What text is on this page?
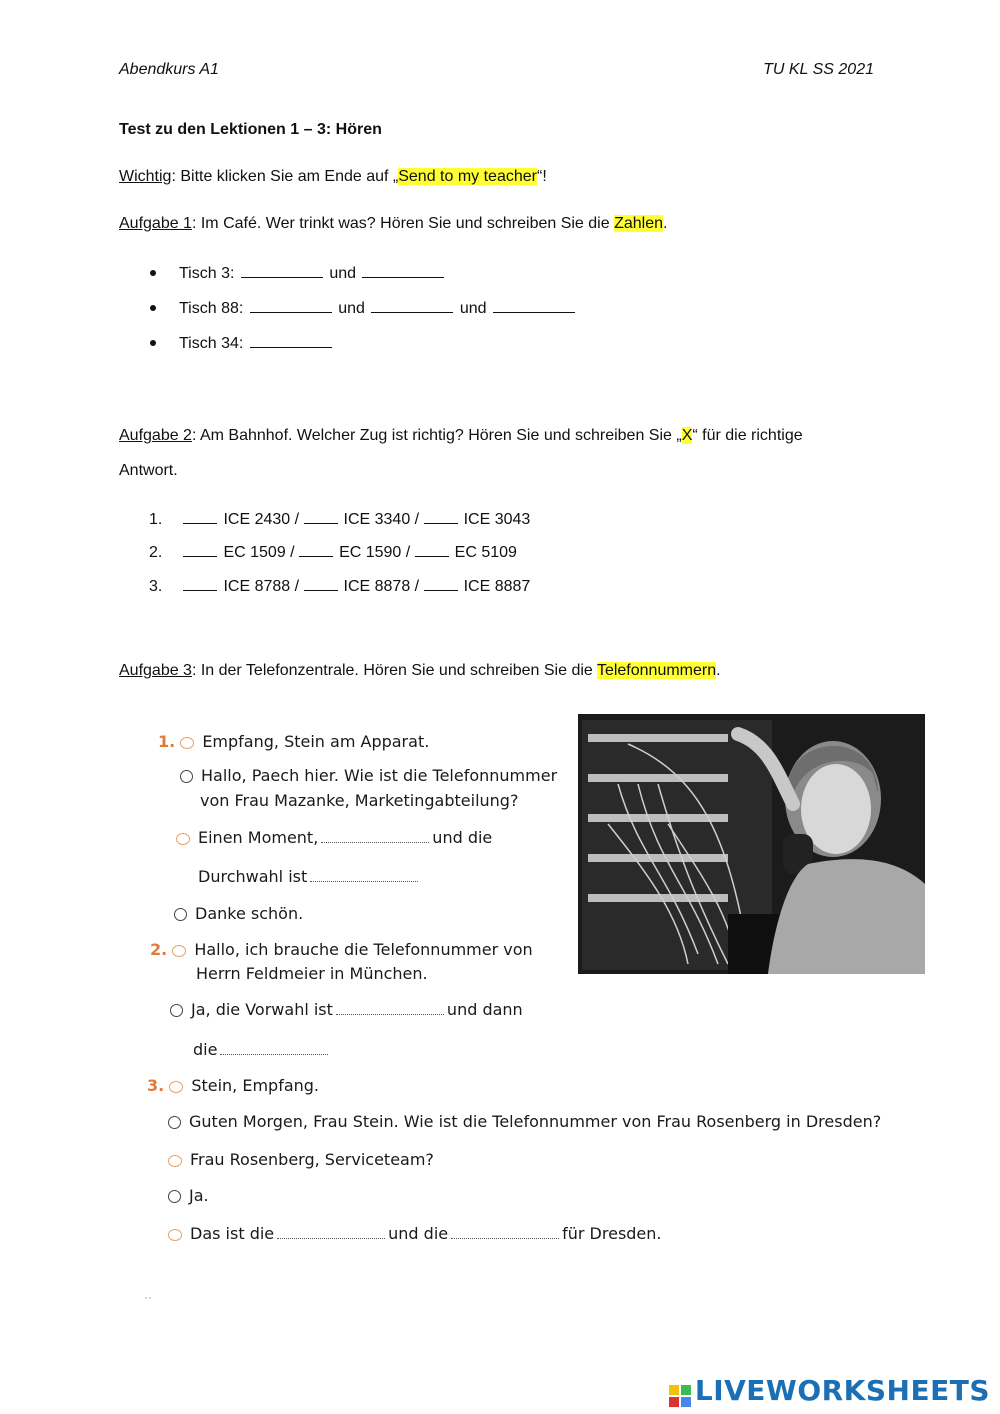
Abendkurs A1	TU KL SS 2021
Test zu den Lektionen 1 – 3: Hören
Wichtig: Bitte klicken Sie am Ende auf „Send to my teacher“!
Aufgabe 1: Im Café. Wer trinkt was? Hören Sie und schreiben Sie die Zahlen.
Tisch 3:	und
Tisch 88:	und	und
Tisch 34:
Aufgabe 2: Am Bahnhof. Welcher Zug ist richtig? Hören Sie und schreiben Sie „X“ für die richtige
Antwort.
1.	ICE 2430 /	ICE 3340 /	ICE 3043
2.	EC 1509 /	EC 1590 /	EC 5109
3.	ICE 8788 /	ICE 8878 /	ICE 8887
Aufgabe 3: In der Telefonzentrale. Hören Sie und schreiben Sie die Telefonnummern.
1. Empfang, Stein am Apparat.
Hallo, Paech hier. Wie ist die Telefonnummer
von Frau Mazanke, Marketingabteilung?
Einen Moment,	und die
Durchwahl ist
Danke schön.
2. Hallo, ich brauche die Telefonnummer von
Herrn Feldmeier in München.
Ja, die Vorwahl ist	und dann
die
3. Stein, Empfang.
Guten Morgen, Frau Stein. Wie ist die Telefonnummer von Frau Rosenberg in Dresden?
Frau Rosenberg, Serviceteam?
Ja.
Das ist die	und die	für Dresden.
··
LIVEWORKSHEETS
